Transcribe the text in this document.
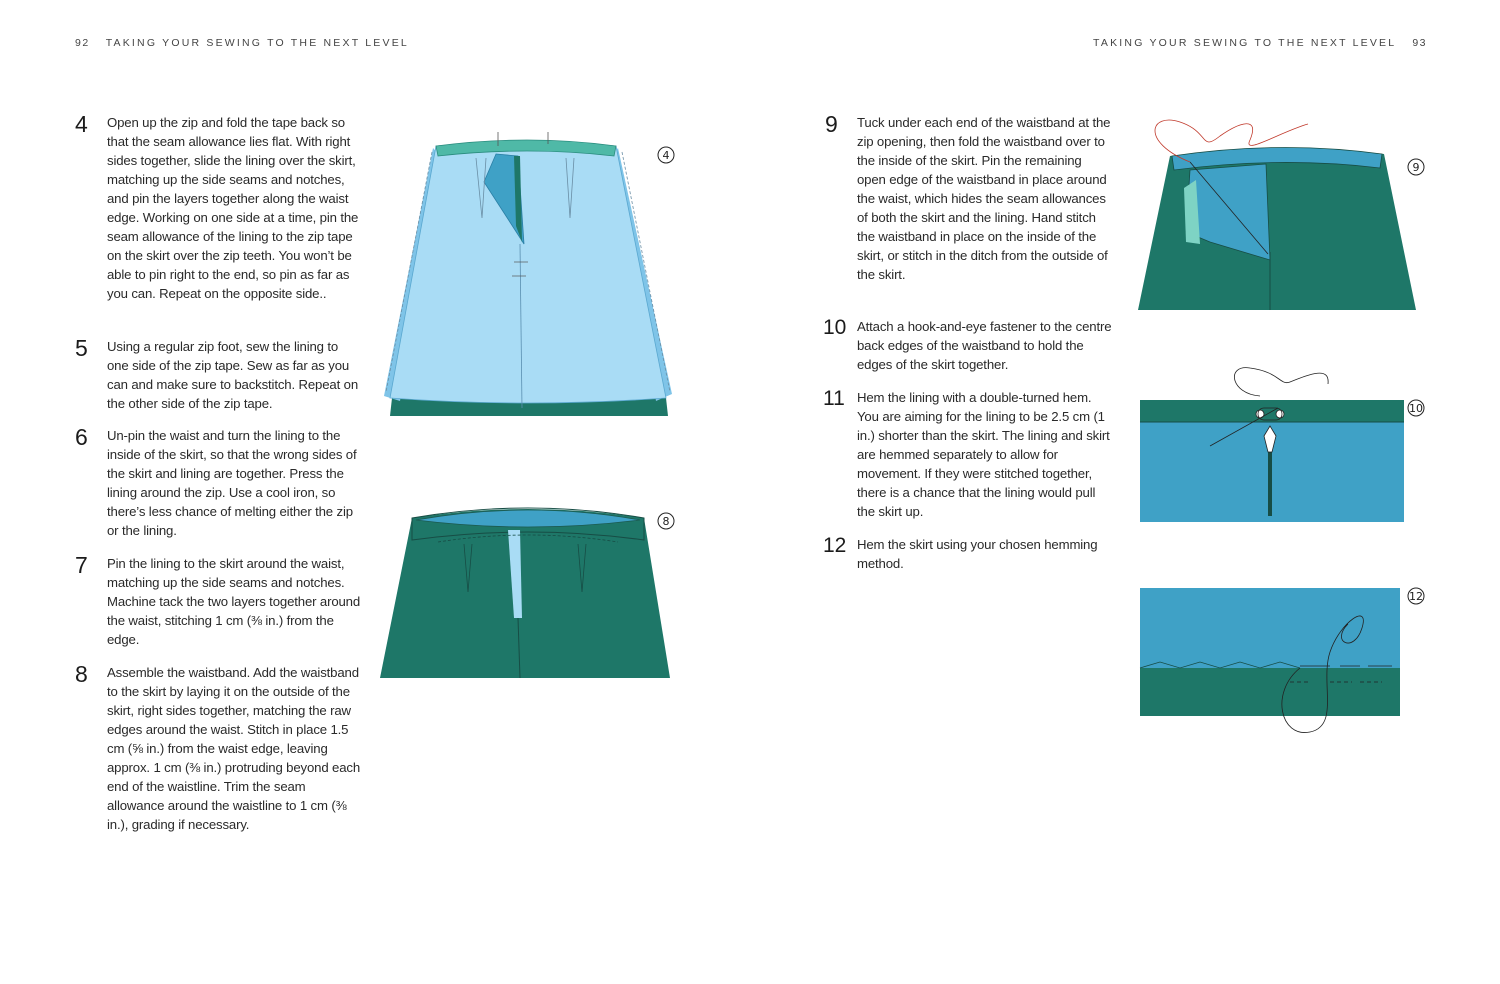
92 TAKING YOUR SEWING TO THE NEXT LEVEL	TAKING YOUR SEWING TO THE NEXT LEVEL 93
4 Open up the zip and fold the tape back so that the seam allowance lies flat. With right sides together, slide the lining over the skirt, matching up the side seams and notches, and pin the layers together along the waist edge. Working on one side at a time, pin the seam allowance of the lining to the zip tape on the skirt over the zip teeth. You won’t be able to pin right to the end, so pin as far as you can. Repeat on the opposite side..
5 Using a regular zip foot, sew the lining to one side of the zip tape. Sew as far as you can and make sure to backstitch. Repeat on the other side of the zip tape.
6 Un-pin the waist and turn the lining to the inside of the skirt, so that the wrong sides of the skirt and lining are together. Press the lining around the zip. Use a cool iron, so there’s less chance of melting either the zip or the lining.
7 Pin the lining to the skirt around the waist, matching up the side seams and notches. Machine tack the two layers together around the waist, stitching 1 cm (⅜ in.) from the edge.
8 Assemble the waistband. Add the waistband to the skirt by laying it on the outside of the skirt, right sides together, matching the raw edges around the waist. Stitch in place 1.5 cm (⅝ in.) from the waist edge, leaving approx. 1 cm (⅜ in.) protruding beyond each end of the waistline. Trim the seam allowance around the waistline to 1 cm (⅜ in.), grading if necessary.
9 Tuck under each end of the waistband at the zip opening, then fold the waistband over to the inside of the skirt. Pin the remaining open edge of the waistband in place around the waist, which hides the seam allowances of both the skirt and the lining. Hand stitch the waistband in place on the inside of the skirt, or stitch in the ditch from the outside of the skirt.
10 Attach a hook-and-eye fastener to the centre back edges of the waistband to hold the edges of the skirt together.
11 Hem the lining with a double-turned hem. You are aiming for the lining to be 2.5 cm (1 in.) shorter than the skirt. The lining and skirt are hemmed separately to allow for movement. If they were stitched together, there is a chance that the lining would pull the skirt up.
12 Hem the skirt using your chosen hemming method.
4
8
9
10
12
